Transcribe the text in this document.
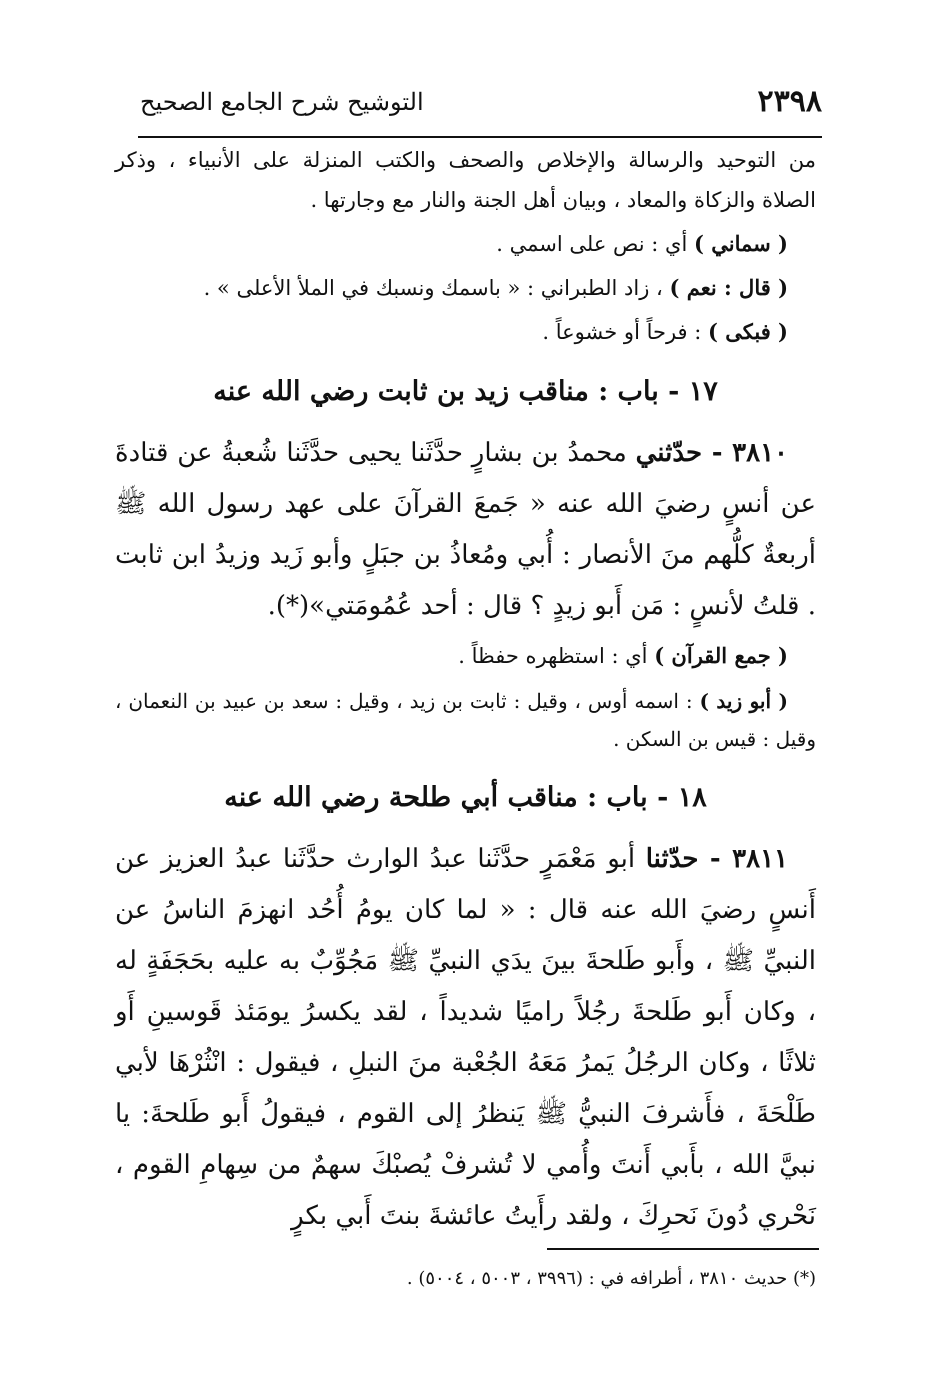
٢٣٩٨
التوشيح شرح الجامع الصحيح

من التوحيد والرسالة والإخلاص والصحف والكتب المنزلة على الأنبياء ، وذكر الصلاة والزكاة والمعاد ، وبيان أهل الجنة والنار مع وجارتها .

( سماني ) أي : نص على اسمي .

( قال : نعم ) ، زاد الطبراني : « باسمك ونسبك في الملأ الأعلى » .

( فبكى ) : فرحاً أو خشوعاً .

١٧ - باب : مناقب زيد بن ثابت رضي الله عنه

٣٨١٠ - حدّثني محمدُ بن بشارٍ حدَّثَنا يحيى حدَّثَنا شُعبةُ عن قتادةَ عن أنسٍ رضيَ الله عنه « جَمعَ القرآنَ على عهد رسول الله ﷺ أربعةٌ كلُّهم منَ الأنصار : أُبي ومُعاذُ بن جبَلٍ وأبو زَيد وزيدُ ابن ثابت . قلتُ لأنسٍ : مَن أَبو زيدٍ ؟ قال : أحد عُمُومَتي»(*).

( جمع القرآن ) أي : استظهره حفظاً .

( أبو زيد ) : اسمه أوس ، وقيل : ثابت بن زيد ، وقيل : سعد بن عبيد بن النعمان ، وقيل : قيس بن السكن .

١٨ - باب : مناقب أبي طلحة رضي الله عنه

٣٨١١ - حدّثنا أبو مَعْمَرٍ حدَّثَنا عبدُ الوارث حدَّثَنا عبدُ العزيز عن أَنسٍ رضيَ الله عنه قال : « لما كان يومُ أُحُد انهزمَ الناسُ عن النبيِّ ﷺ ، وأَبو طَلحةَ بينَ يدَي النبيِّ ﷺ مَجُوِّبٌ به عليه بحَجَفَةٍ له ، وكان أَبو طَلحةَ رجُلاً راميًا شديداً ، لقد يكسرُ يومَئذ قَوسينِ أَو ثلاثًا ، وكان الرجُلُ يَمرُ مَعَهُ الجُعْبة منَ النبلِ ، فيقول : انْثُرْهَا لأبي طَلْحَةَ ، فأَشرفَ النبيُّ ﷺ يَنظرُ إلى القوم ، فيقولُ أَبو طَلحةَ: يا نبيَّ الله ، بأَبي أَنتَ وأُمي لا تُشرفْ يُصبْكَ سهمٌ من سِهامِ القوم ، نَحْري دُونَ نَحرِكَ ، ولقد رأَيتُ عائشةَ بنتَ أَبي بكرٍ

(*) حديث ٣٨١٠ ، أطرافه في : (٣٩٩٦ ، ٥٠٠٣ ، ٥٠٠٤) .
